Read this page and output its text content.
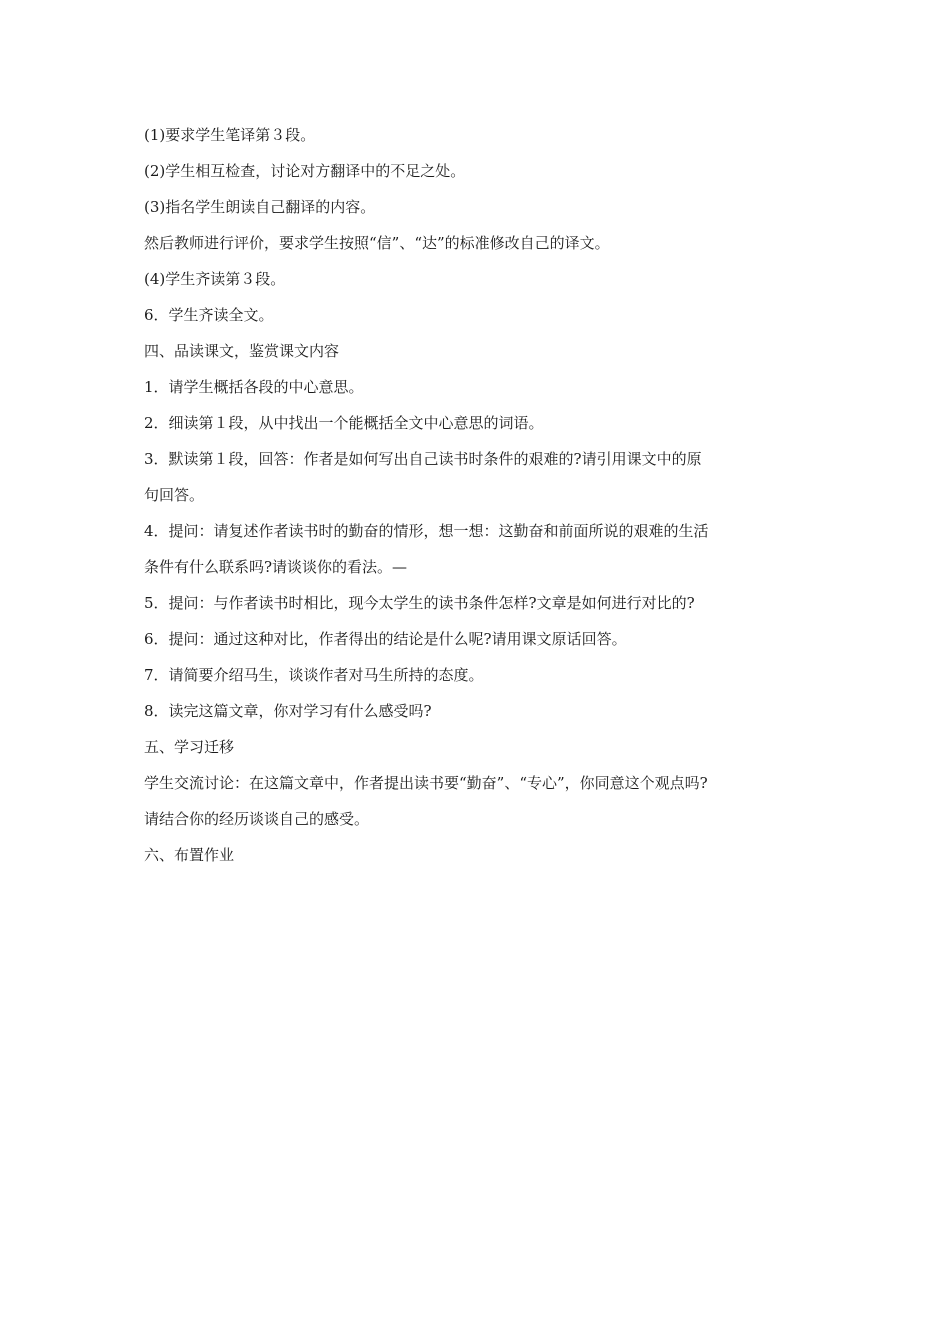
(1)要求学生笔译第３段。
(2)学生相互检查，讨论对方翻译中的不足之处。
(3)指名学生朗读自己翻译的内容。
然后教师进行评价，要求学生按照“信”、“达”的标准修改自己的译文。
(4)学生齐读第３段。
6．学生齐读全文。
四、品读课文，鉴赏课文内容
1．请学生概括各段的中心意思。
2．细读第１段，从中找出一个能概括全文中心意思的词语。
3．默读第１段，回答：作者是如何写出自己读书时条件的艰难的?请引用课文中的原
句回答。
4．提问：请复述作者读书时的勤奋的情形，想一想：这勤奋和前面所说的艰难的生活
条件有什么联系吗?请谈谈你的看法。—
5．提问：与作者读书时相比，现今太学生的读书条件怎样?文章是如何进行对比的?
6．提问：通过这种对比，作者得出的结论是什么呢?请用课文原话回答。
7．请简要介绍马生，谈谈作者对马生所持的态度。
8．读完这篇文章，你对学习有什么感受吗?
五、学习迁移
学生交流讨论：在这篇文章中，作者提出读书要“勤奋”、“专心”，你同意这个观点吗?
请结合你的经历谈谈自己的感受。
六、布置作业
